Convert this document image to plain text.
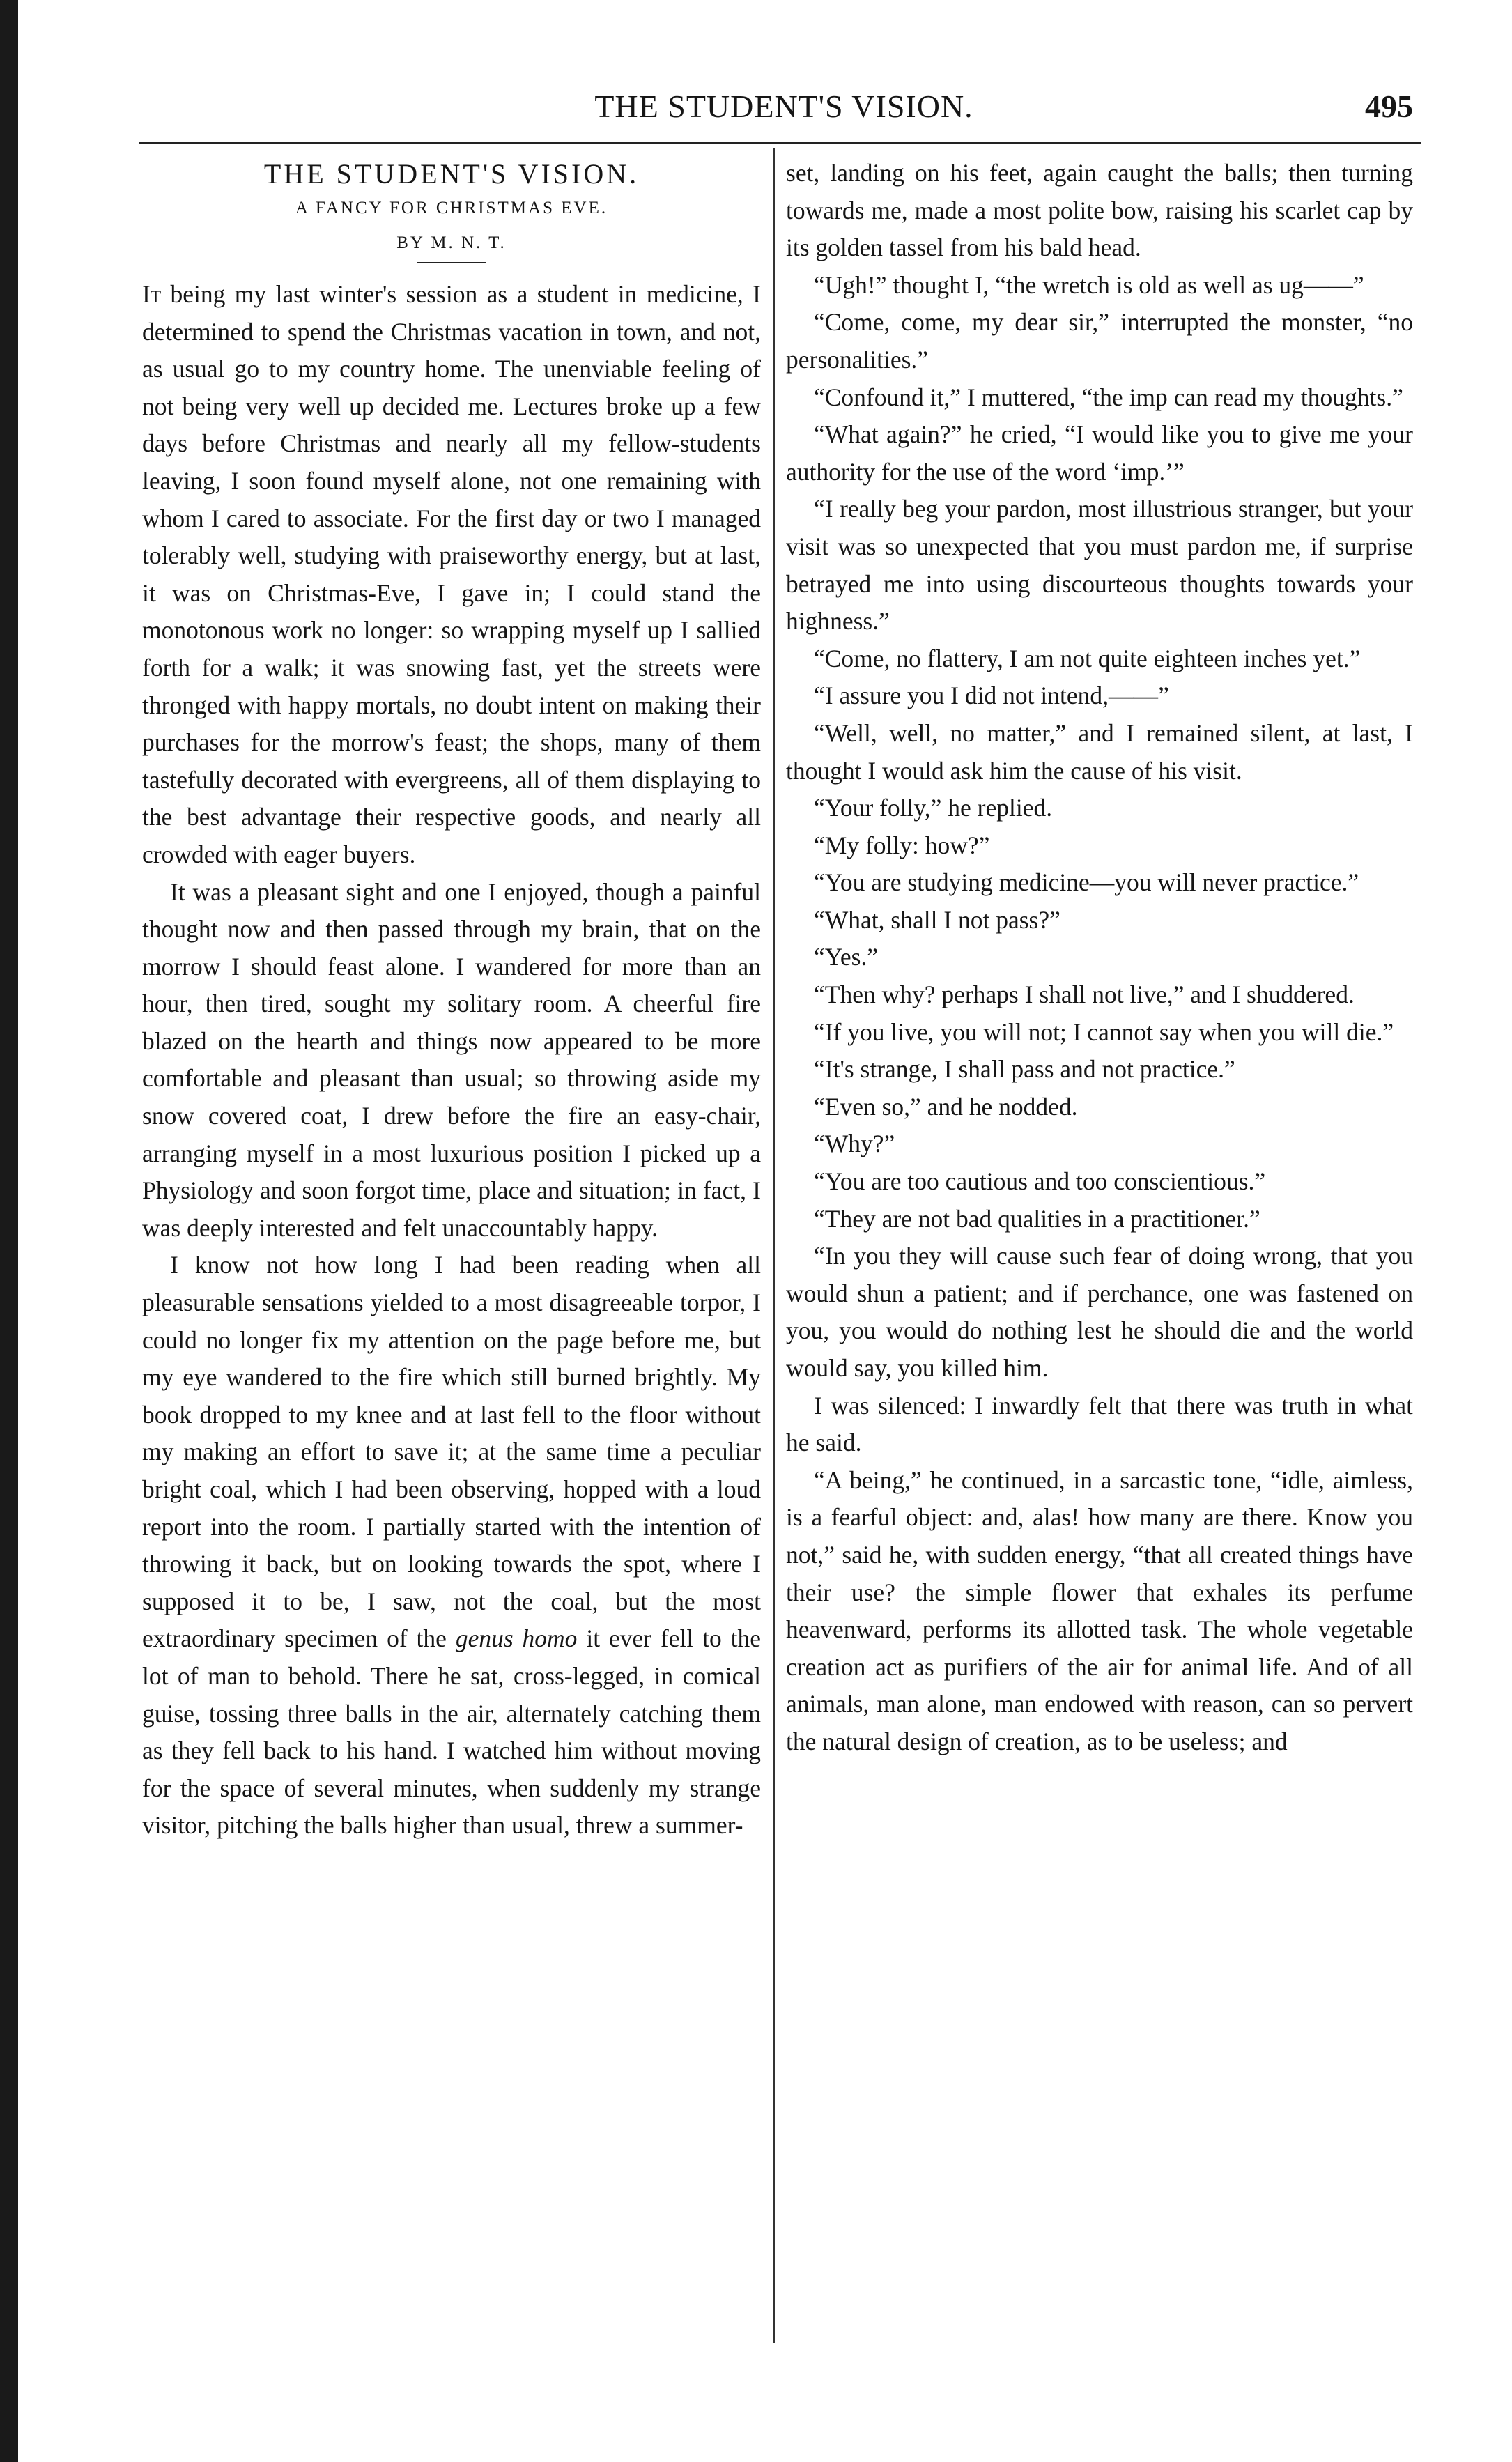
THE STUDENT'S VISION.	495
THE STUDENT'S VISION.
A FANCY FOR CHRISTMAS EVE.
BY M. N. T.

It being my last winter's session as a student in medicine, I determined to spend the Christmas vacation in town, and not, as usual go to my country home. The unenviable feeling of not being very well up decided me. Lectures broke up a few days before Christmas and nearly all my fellow-students leaving, I soon found myself alone, not one remaining with whom I cared to associate. For the first day or two I managed tolerably well, studying with praiseworthy energy, but at last, it was on Christmas-Eve, I gave in; I could stand the monotonous work no longer: so wrapping myself up I sallied forth for a walk; it was snowing fast, yet the streets were thronged with happy mortals, no doubt intent on making their purchases for the morrow's feast; the shops, many of them tastefully decorated with evergreens, all of them displaying to the best advantage their respective goods, and nearly all crowded with eager buyers.

It was a pleasant sight and one I enjoyed, though a painful thought now and then passed through my brain, that on the morrow I should feast alone. I wandered for more than an hour, then tired, sought my solitary room. A cheerful fire blazed on the hearth and things now appeared to be more comfortable and pleasant than usual; so throwing aside my snow covered coat, I drew before the fire an easy-chair, arranging myself in a most luxurious position I picked up a Physiology and soon forgot time, place and situation; in fact, I was deeply interested and felt unaccountably happy.

I know not how long I had been reading when all pleasurable sensations yielded to a most disagreeable torpor, I could no longer fix my attention on the page before me, but my eye wandered to the fire which still burned brightly. My book dropped to my knee and at last fell to the floor without my making an effort to save it; at the same time a peculiar bright coal, which I had been observing, hopped with a loud report into the room. I partially started with the intention of throwing it back, but on looking towards the spot, where I supposed it to be, I saw, not the coal, but the most extraordinary specimen of the genus homo it ever fell to the lot of man to behold. There he sat, cross-legged, in comical guise, tossing three balls in the air, alternately catching them as they fell back to his hand. I watched him without moving for the space of several minutes, when suddenly my strange visitor, pitching the balls higher than usual, threw a summer-

set, landing on his feet, again caught the balls; then turning towards me, made a most polite bow, raising his scarlet cap by its golden tassel from his bald head.

“Ugh!” thought I, “the wretch is old as well as ug——”

“Come, come, my dear sir,” interrupted the monster, “no personalities.”

“Confound it,” I muttered, “the imp can read my thoughts.”

“What again?” he cried, “I would like you to give me your authority for the use of the word ‘imp.’”

“I really beg your pardon, most illustrious stranger, but your visit was so unexpected that you must pardon me, if surprise betrayed me into using discourteous thoughts towards your highness.”

“Come, no flattery, I am not quite eighteen inches yet.”

“I assure you I did not intend,——”

“Well, well, no matter,” and I remained silent, at last, I thought I would ask him the cause of his visit.

“Your folly,” he replied.

“My folly: how?”

“You are studying medicine—you will never practice.”

“What, shall I not pass?”

“Yes.”

“Then why? perhaps I shall not live,” and I shuddered.

“If you live, you will not; I cannot say when you will die.”

“It's strange, I shall pass and not practice.”

“Even so,” and he nodded.

“Why?”

“You are too cautious and too conscientious.”

“They are not bad qualities in a practitioner.”

“In you they will cause such fear of doing wrong, that you would shun a patient; and if perchance, one was fastened on you, you would do nothing lest he should die and the world would say, you killed him.

I was silenced: I inwardly felt that there was truth in what he said.

“A being,” he continued, in a sarcastic tone, “idle, aimless, is a fearful object: and, alas! how many are there. Know you not,” said he, with sudden energy, “that all created things have their use? the simple flower that exhales its perfume heavenward, performs its allotted task. The whole vegetable creation act as purifiers of the air for animal life. And of all animals, man alone, man endowed with reason, can so pervert the natural design of creation, as to be useless; and
